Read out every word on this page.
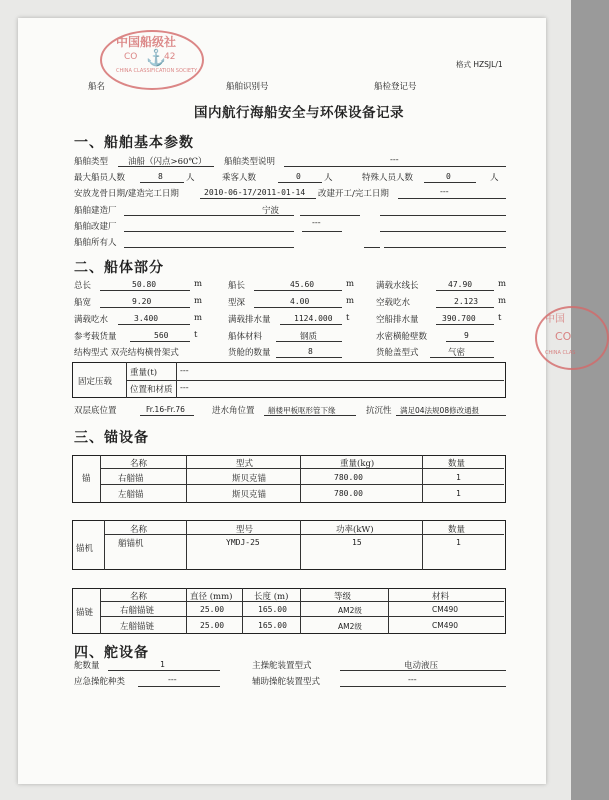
中国船级社
CO	42
⚓
CHINA CLASSIFICATION SOCIETY
中国
CO
CHINA CLAS
格式 HZSJL/1
船名	船舶识别号	船检登记号
国内航行海船安全与环保设备记录
一、船舶基本参数
船舶类型 油船（闪点>60℃） 船舶类型说明	---
最大船员人数	8	人	乘客人数	0	人	特殊人员人数	0	人
安放龙骨日期/建造完工日期	2010-06-17/2011-01-14 改建开工/完工日期	---
船舶建造厂	宁波
船舶改建厂	---
船舶所有人
二、船体部分
总长	50.80	m	船长	45.60	m	满载水线长	47.90	m
船宽	9.20	m	型深	4.00	m	空载吃水	2.123 m
满载吃水	3.400	m	满载排水量	1124.000 t	空船排水量	390.700	t
参考载货量	560	t	船体材料	钢质	水密横舱壁数	9
结构型式 双壳结构横骨架式	货舱的数量	8	货舱盖型式	气密
固定压载
重量(t)	---
位置和材质 ---
双层底位置	Fr.16-Fr.76	进水角位置 艏楼甲板呕形管下缘	抗沉性 满足04法规08修改通报
三、锚设备
锚
名称	型式	重量(kg)	数量
右艏锚	斯贝克锚	780.00	1
左艏锚	斯贝克锚	780.00	1
锚机
名称	型号	功率(kW)	数量
艏锚机	YMDJ-25	15	1
锚链
名称	直径 (mm)	长度 (m)	等级	材料
右艏锚链	25.00	165.00	AM2级	CM490
左艏锚链	25.00	165.00	AM2级	CM490
四、舵设备
舵数量	1	主操舵装置型式	电动液压
应急操舵种类	---	辅助操舵装置型式	---
